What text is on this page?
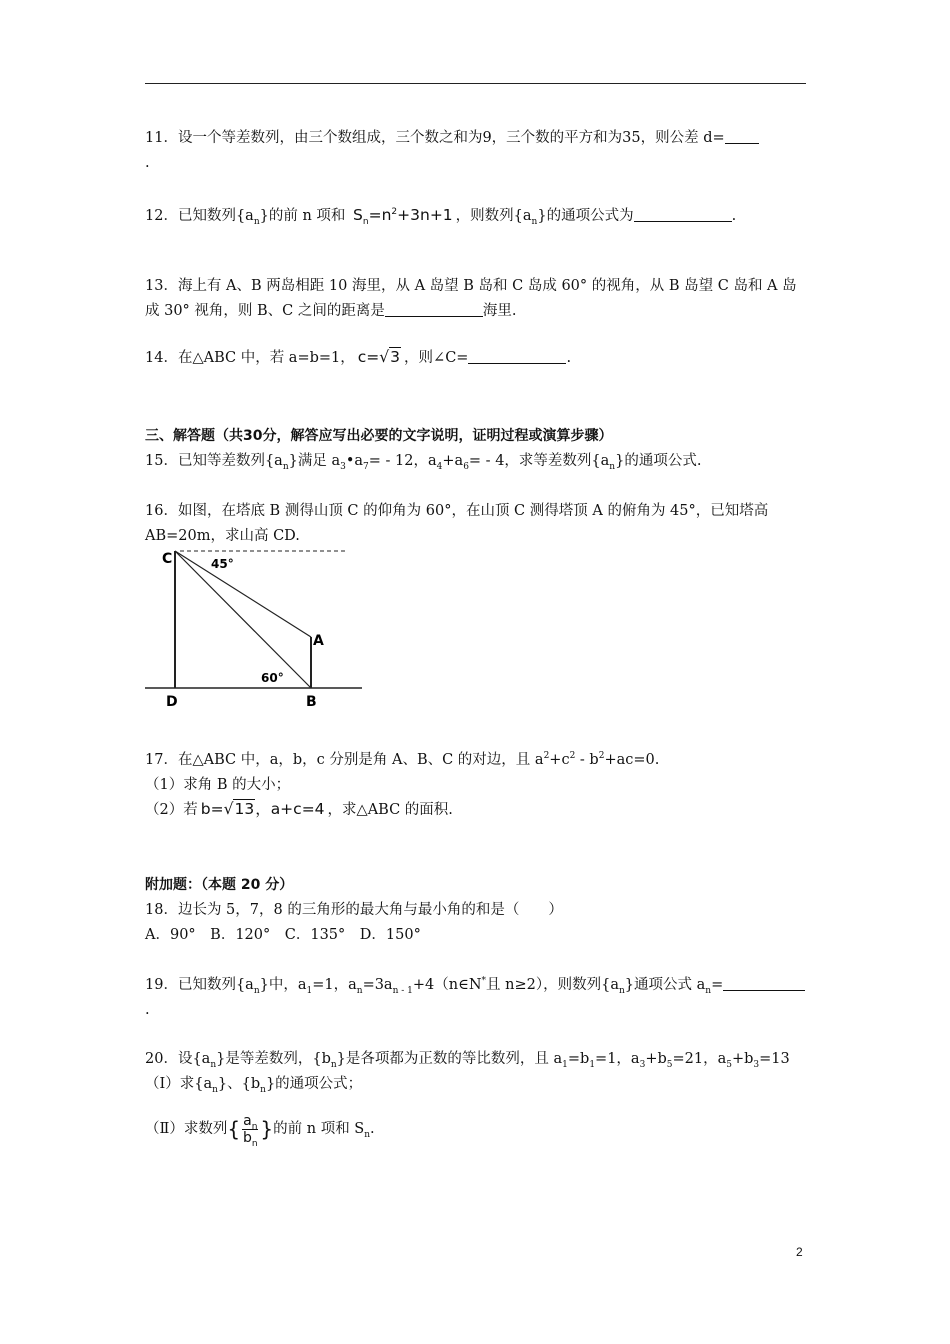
11．设一个等差数列，由三个数组成，三个数之和为9，三个数的平方和为35，则公差 d=
.
12．已知数列$\{a_n\}$的前 n 项和 $S_n=n^2+3n+1$ ，则数列$\{a_n\}$的通项公式为	.
13．海上有 A、B 两岛相距 10 海里，从 A 岛望 B 岛和 C 岛成 60° 的视角，从 B 岛望 C 岛和 A 岛
成 30° 视角，则 B、C 之间的距离是	海里.
14．在△ABC 中，若 a=b=1， c=√3 ，则∠C=	.
三、解答题（共30分，解答应写出必要的文字说明，证明过程或演算步骤）
15．已知等差数列$\{a_n\}$满足 $a_3•a_7= - 12$，$a_4+a_6= - 4$，求等差数列$\{a_n\}$的通项公式.
16．如图，在塔底 B 测得山顶 C 的仰角为 60°，在山顶 C 测得塔顶 A 的俯角为 45°，已知塔高
AB=20m，求山高 CD.
C	45°
A
60°
D	B
17．在△ABC 中，a，b，c 分别是角 A、B、C 的对边，且 $a^2+c^2 - b^2+ac=0$.
（1）求角 B 的大小；
（2）若 b=√13，a+c=4 ，求△ABC 的面积.
附加题：（本题 20 分）
18．边长为 5，7，8 的三角形的最大角与最小角的和是（　　）
A．90°　B．120°　C．135°　D．150°
19．已知数列$\{a_n\}$中，$a_1=1$，$a_n=3a_{n - 1}+4(n\in N^*$且 n≥2），则数列$\{a_n\}$通项公式 $a_n=$
.
20．设$\{a_n\}$是等差数列，$\{b_n\}$是各项都为正数的等比数列，且 $a_1=b_1=1$，$a_3+b_5=21$，$a_5+b_3=13$
（Ⅰ）求$\{a_n\}$、$\{b_n\}$的通项公式；
（Ⅱ）求数列{ $\frac{a_n}{b_n}$ }的前 n 项和 $S_n$.
2
